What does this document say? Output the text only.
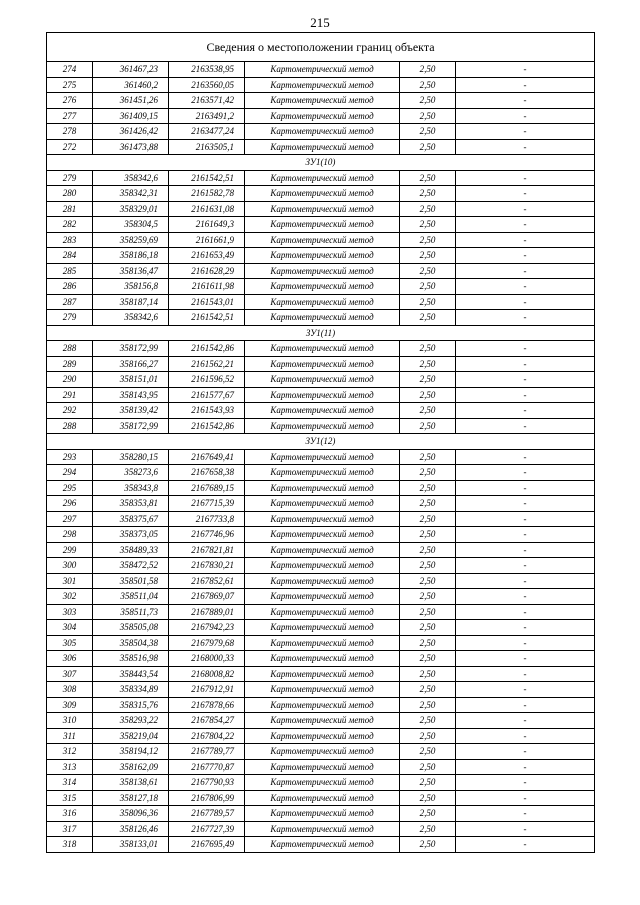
215
Сведения о местоположении границ объекта					
274	361467,23	2163538,95	Картометрический метод	2,50	-
275	361460,2	2163560,05	Картометрический метод	2,50	-
276	361451,26	2163571,42	Картометрический метод	2,50	-
277	361409,15	2163491,2	Картометрический метод	2,50	-
278	361426,42	2163477,24	Картометрический метод	2,50	-
272	361473,88	2163505,1	Картометрический метод	2,50	-
ЗУ1(10)					
279	358342,6	2161542,51	Картометрический метод	2,50	-
280	358342,31	2161582,78	Картометрический метод	2,50	-
281	358329,01	2161631,08	Картометрический метод	2,50	-
282	358304,5	2161649,3	Картометрический метод	2,50	-
283	358259,69	2161661,9	Картометрический метод	2,50	-
284	358186,18	2161653,49	Картометрический метод	2,50	-
285	358136,47	2161628,29	Картометрический метод	2,50	-
286	358156,8	2161611,98	Картометрический метод	2,50	-
287	358187,14	2161543,01	Картометрический метод	2,50	-
279	358342,6	2161542,51	Картометрический метод	2,50	-
ЗУ1(11)					
288	358172,99	2161542,86	Картометрический метод	2,50	-
289	358166,27	2161562,21	Картометрический метод	2,50	-
290	358151,01	2161596,52	Картометрический метод	2,50	-
291	358143,95	2161577,67	Картометрический метод	2,50	-
292	358139,42	2161543,93	Картометрический метод	2,50	-
288	358172,99	2161542,86	Картометрический метод	2,50	-
ЗУ1(12)					
293	358280,15	2167649,41	Картометрический метод	2,50	-
294	358273,6	2167658,38	Картометрический метод	2,50	-
295	358343,8	2167689,15	Картометрический метод	2,50	-
296	358353,81	2167715,39	Картометрический метод	2,50	-
297	358375,67	2167733,8	Картометрический метод	2,50	-
298	358373,05	2167746,96	Картометрический метод	2,50	-
299	358489,33	2167821,81	Картометрический метод	2,50	-
300	358472,52	2167830,21	Картометрический метод	2,50	-
301	358501,58	2167852,61	Картометрический метод	2,50	-
302	358511,04	2167869,07	Картометрический метод	2,50	-
303	358511,73	2167889,01	Картометрический метод	2,50	-
304	358505,08	2167942,23	Картометрический метод	2,50	-
305	358504,38	2167979,68	Картометрический метод	2,50	-
306	358516,98	2168000,33	Картометрический метод	2,50	-
307	358443,54	2168008,82	Картометрический метод	2,50	-
308	358334,89	2167912,91	Картометрический метод	2,50	-
309	358315,76	2167878,66	Картометрический метод	2,50	-
310	358293,22	2167854,27	Картометрический метод	2,50	-
311	358219,04	2167804,22	Картометрический метод	2,50	-
312	358194,12	2167789,77	Картометрический метод	2,50	-
313	358162,09	2167770,87	Картометрический метод	2,50	-
314	358138,61	2167790,93	Картометрический метод	2,50	-
315	358127,18	2167806,99	Картометрический метод	2,50	-
316	358096,36	2167789,57	Картометрический метод	2,50	-
317	358126,46	2167727,39	Картометрический метод	2,50	-
318	358133,01	2167695,49	Картометрический метод	2,50	-
